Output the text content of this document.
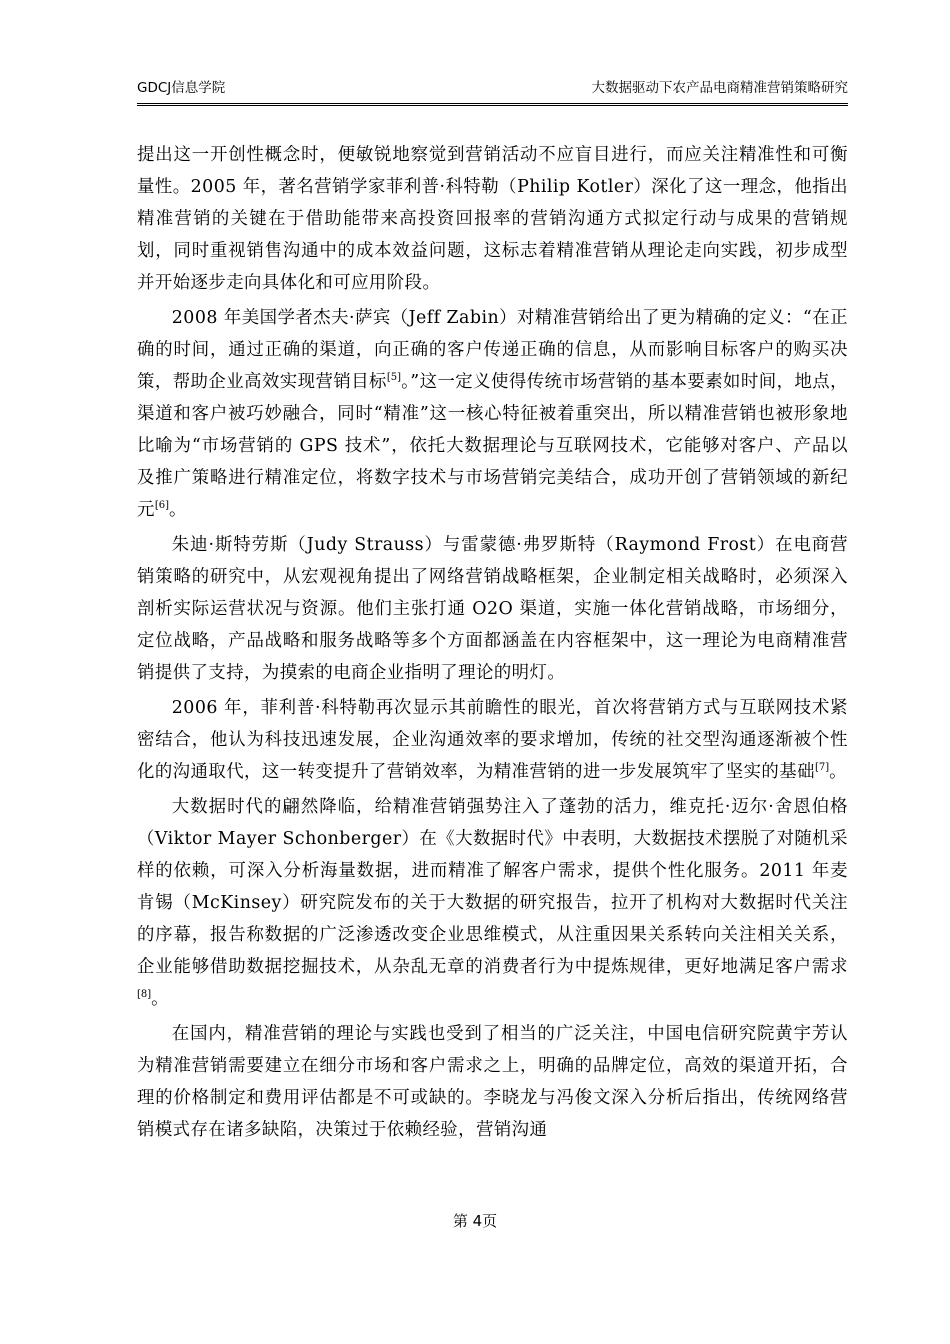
GDCJ信息学院	大数据驱动下农产品电商精准营销策略研究

提出这一开创性概念时，便敏锐地察觉到营销活动不应盲目进行，而应关注精准性和可衡量性。2005 年，著名营销学家菲利普·科特勒（Philip Kotler）深化了这一理念，他指出精准营销的关键在于借助能带来高投资回报率的营销沟通方式拟定行动与成果的营销规划，同时重视销售沟通中的成本效益问题，这标志着精准营销从理论走向实践，初步成型并开始逐步走向具体化和可应用阶段。

2008 年美国学者杰夫·萨宾（Jeff Zabin）对精准营销给出了更为精确的定义：“在正确的时间，通过正确的渠道，向正确的客户传递正确的信息，从而影响目标客户的购买决策，帮助企业高效实现营销目标[5]。”这一定义使得传统市场营销的基本要素如时间，地点，渠道和客户被巧妙融合，同时“精准”这一核心特征被着重突出，所以精准营销也被形象地比喻为“市场营销的 GPS 技术”，依托大数据理论与互联网技术，它能够对客户、产品以及推广策略进行精准定位，将数字技术与市场营销完美结合，成功开创了营销领域的新纪元[6]。

朱迪·斯特劳斯（Judy Strauss）与雷蒙德·弗罗斯特（Raymond Frost）在电商营销策略的研究中，从宏观视角提出了网络营销战略框架，企业制定相关战略时，必须深入剖析实际运营状况与资源。他们主张打通 O2O 渠道，实施一体化营销战略，市场细分，定位战略，产品战略和服务战略等多个方面都涵盖在内容框架中，这一理论为电商精准营销提供了支持，为摸索的电商企业指明了理论的明灯。

2006 年，菲利普·科特勒再次显示其前瞻性的眼光，首次将营销方式与互联网技术紧密结合，他认为科技迅速发展，企业沟通效率的要求增加，传统的社交型沟通逐渐被个性化的沟通取代，这一转变提升了营销效率，为精准营销的进一步发展筑牢了坚实的基础[7]。

大数据时代的翩然降临，给精准营销强势注入了蓬勃的活力，维克托·迈尔·舍恩伯格（Viktor Mayer Schonberger）在《大数据时代》中表明，大数据技术摆脱了对随机采样的依赖，可深入分析海量数据，进而精准了解客户需求，提供个性化服务。2011 年麦肯锡（McKinsey）研究院发布的关于大数据的研究报告，拉开了机构对大数据时代关注的序幕，报告称数据的广泛渗透改变企业思维模式，从注重因果关系转向关注相关关系，企业能够借助数据挖掘技术，从杂乱无章的消费者行为中提炼规律，更好地满足客户需求[8]。

在国内，精准营销的理论与实践也受到了相当的广泛关注，中国电信研究院黄宇芳认为精准营销需要建立在细分市场和客户需求之上，明确的品牌定位，高效的渠道开拓，合理的价格制定和费用评估都是不可或缺的。李晓龙与冯俊文深入分析后指出，传统网络营销模式存在诸多缺陷，决策过于依赖经验，营销沟通

第 4页
